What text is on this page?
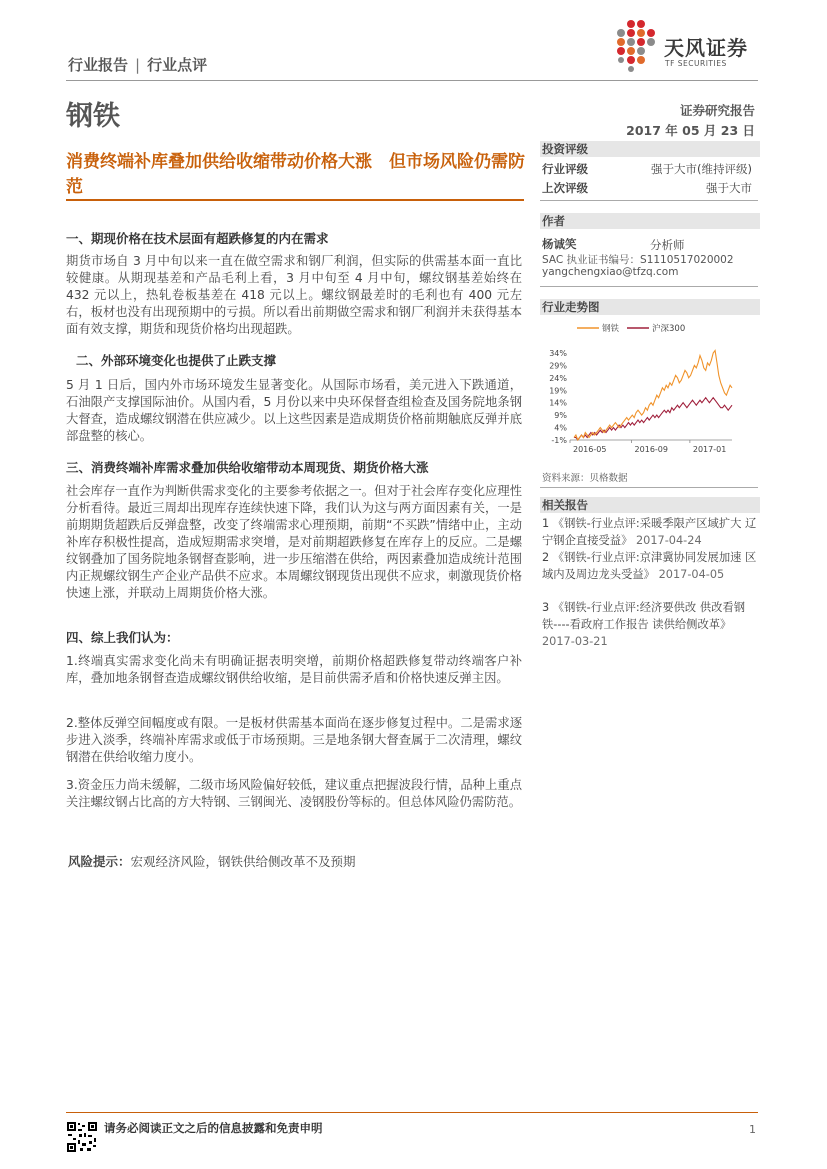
行业报告 | 行业点评
天风证券
TF SECURITIES
钢铁	证券研究报告
2017 年 05 月 23 日
消费终端补库叠加供给收缩带动价格大涨　但市场风险仍需防范
一、期现价格在技术层面有超跌修复的内在需求
期货市场自 3 月中旬以来一直在做空需求和钢厂利润，但实际的供需基本面一直比较健康。从期现基差和产品毛利上看，3 月中旬至 4 月中旬，螺纹钢基差始终在 432 元以上，热轧卷板基差在 418 元以上。螺纹钢最差时的毛利也有 400 元左右，板材也没有出现预期中的亏损。所以看出前期做空需求和钢厂利润并未获得基本面有效支撑，期货和现货价格均出现超跌。
二、外部环境变化也提供了止跌支撑
5 月 1 日后，国内外市场环境发生显著变化。从国际市场看，美元进入下跌通道，石油限产支撑国际油价。从国内看，5 月份以来中央环保督查组检查及国务院地条钢大督查，造成螺纹钢潜在供应减少。以上这些因素是造成期货价格前期触底反弹并底部盘整的核心。
三、消费终端补库需求叠加供给收缩带动本周现货、期货价格大涨
社会库存一直作为判断供需求变化的主要参考依据之一。但对于社会库存变化应理性分析看待。最近三周却出现库存连续快速下降，我们认为这与两方面因素有关，一是前期期货超跌后反弹盘整，改变了终端需求心理预期，前期“不买跌”情绪中止，主动补库存积极性提高，造成短期需求突增，是对前期超跌修复在库存上的反应。二是螺纹钢叠加了国务院地条钢督查影响，进一步压缩潜在供给，两因素叠加造成统计范围内正规螺纹钢生产企业产品供不应求。本周螺纹钢现货出现供不应求，刺激现货价格快速上涨，并联动上周期货价格大涨。
四、综上我们认为：
1.终端真实需求变化尚未有明确证据表明突增，前期价格超跌修复带动终端客户补库，叠加地条钢督查造成螺纹钢供给收缩，是目前供需矛盾和价格快速反弹主因。
2.整体反弹空间幅度或有限。一是板材供需基本面尚在逐步修复过程中。二是需求逐步进入淡季，终端补库需求或低于市场预期。三是地条钢大督查属于二次清理，螺纹钢潜在供给收缩力度小。
3.资金压力尚未缓解，二级市场风险偏好较低，建议重点把握波段行情，品种上重点关注螺纹钢占比高的方大特钢、三钢闽光、凌钢股份等标的。但总体风险仍需防范。
风险提示：宏观经济风险，钢铁供给侧改革不及预期
投资评级
行业评级	强于大市(维持评级)
上次评级	强于大市
作者
杨诚笑	分析师
SAC 执业证书编号：S1110517020002
yangchengxiao@tfzq.com
行业走势图
34%
29%
24%
19%
14%
9%
4%
-1%
2016-05	2016-09	2017-01
钢铁	沪深300
资料来源：贝格数据
相关报告
1 《钢铁-行业点评:采暖季限产区域扩大 辽宁钢企直接受益》 2017-04-24
2 《钢铁-行业点评:京津冀协同发展加速 区域内及周边龙头受益》 2017-04-05
3 《钢铁-行业点评:经济要供改 供改看钢铁----看政府工作报告 读供给侧改革》 2017-03-21
请务必阅读正文之后的信息披露和免责申明	1
